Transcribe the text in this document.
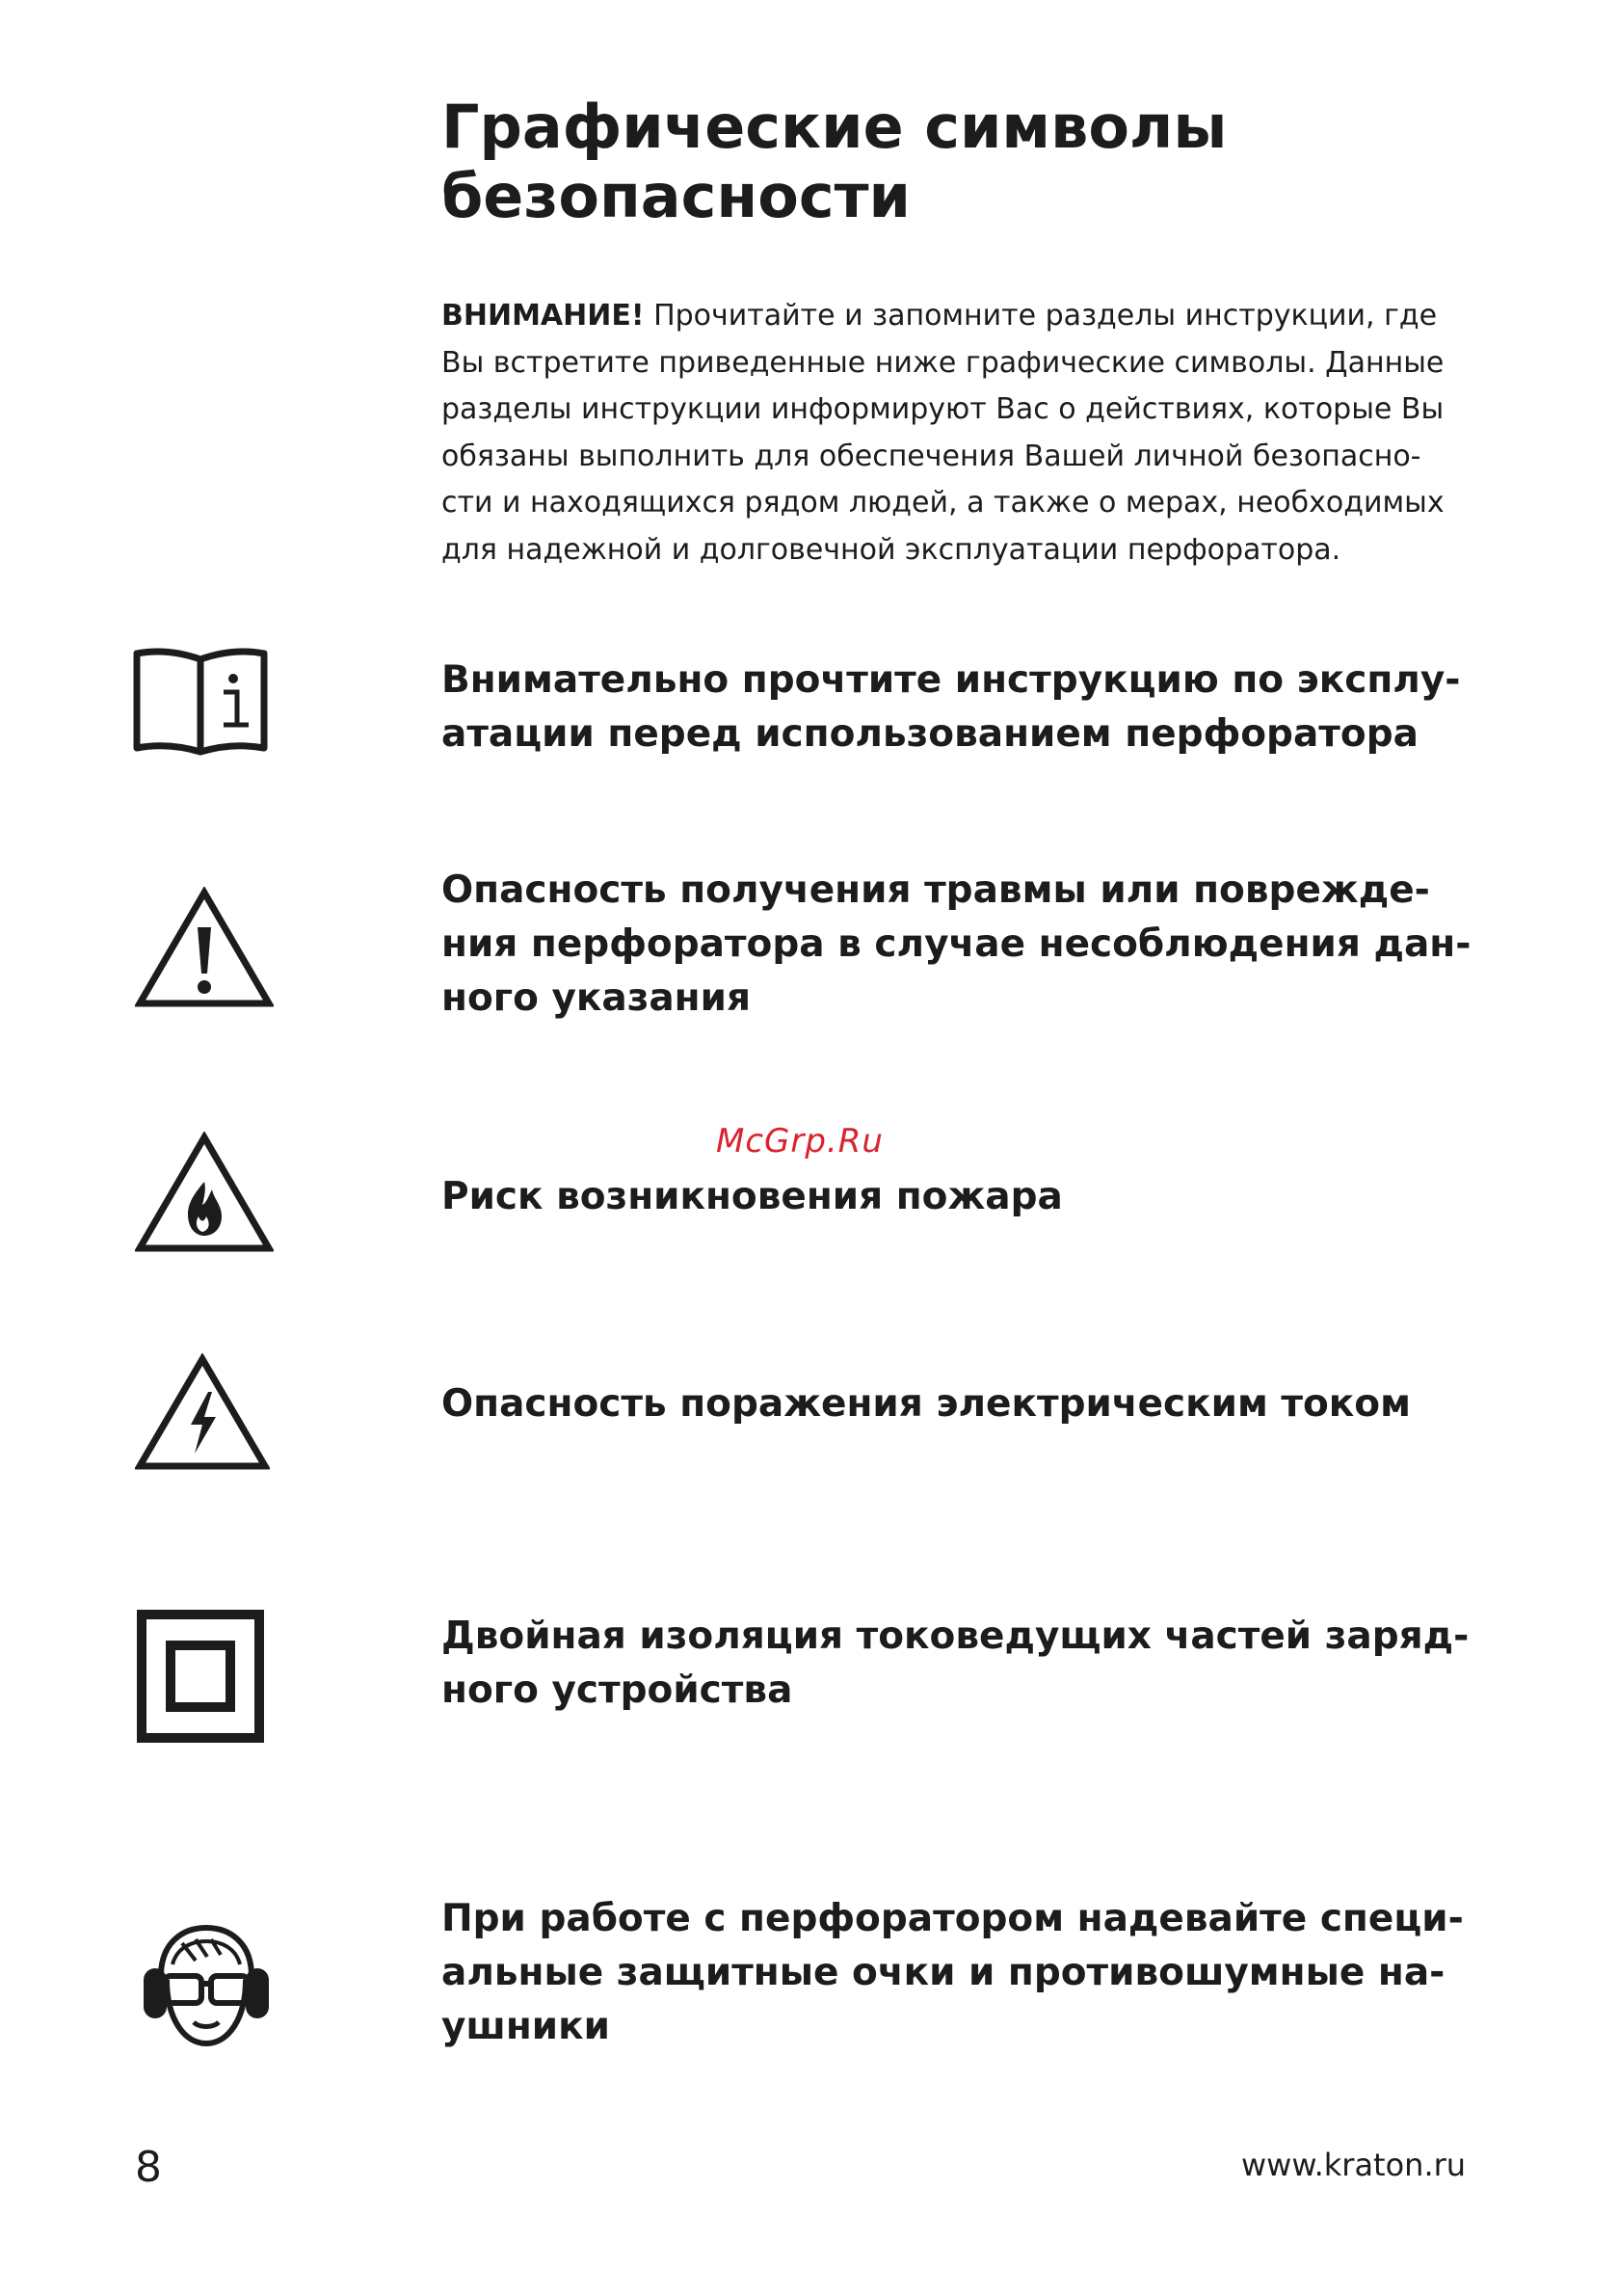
Графические символы
безопасности
ВНИМАНИЕ! Прочитайте и запомните разделы инструкции, где
Вы встретите приведенные ниже графические символы. Данные
разделы инструкции информируют Вас о действиях, которые Вы
обязаны выполнить для обеспечения Вашей личной безопасно-
сти и находящихся рядом людей, а также о мерах, необходимых
для надежной и долговечной эксплуатации перфоратора.
Внимательно прочтите инструкцию по эксплу-
атации перед использованием перфоратора
Опасность получения травмы или поврежде-
ния перфоратора в случае несоблюдения дан-
ного указания
McGrp.Ru
Риск возникновения пожара
Опасность поражения электрическим током
Двойная изоляция токоведущих частей заряд-
ного устройства
При работе с перфоратором надевайте специ-
альные защитные очки и противошумные на-
ушники
8	www.kraton.ru
